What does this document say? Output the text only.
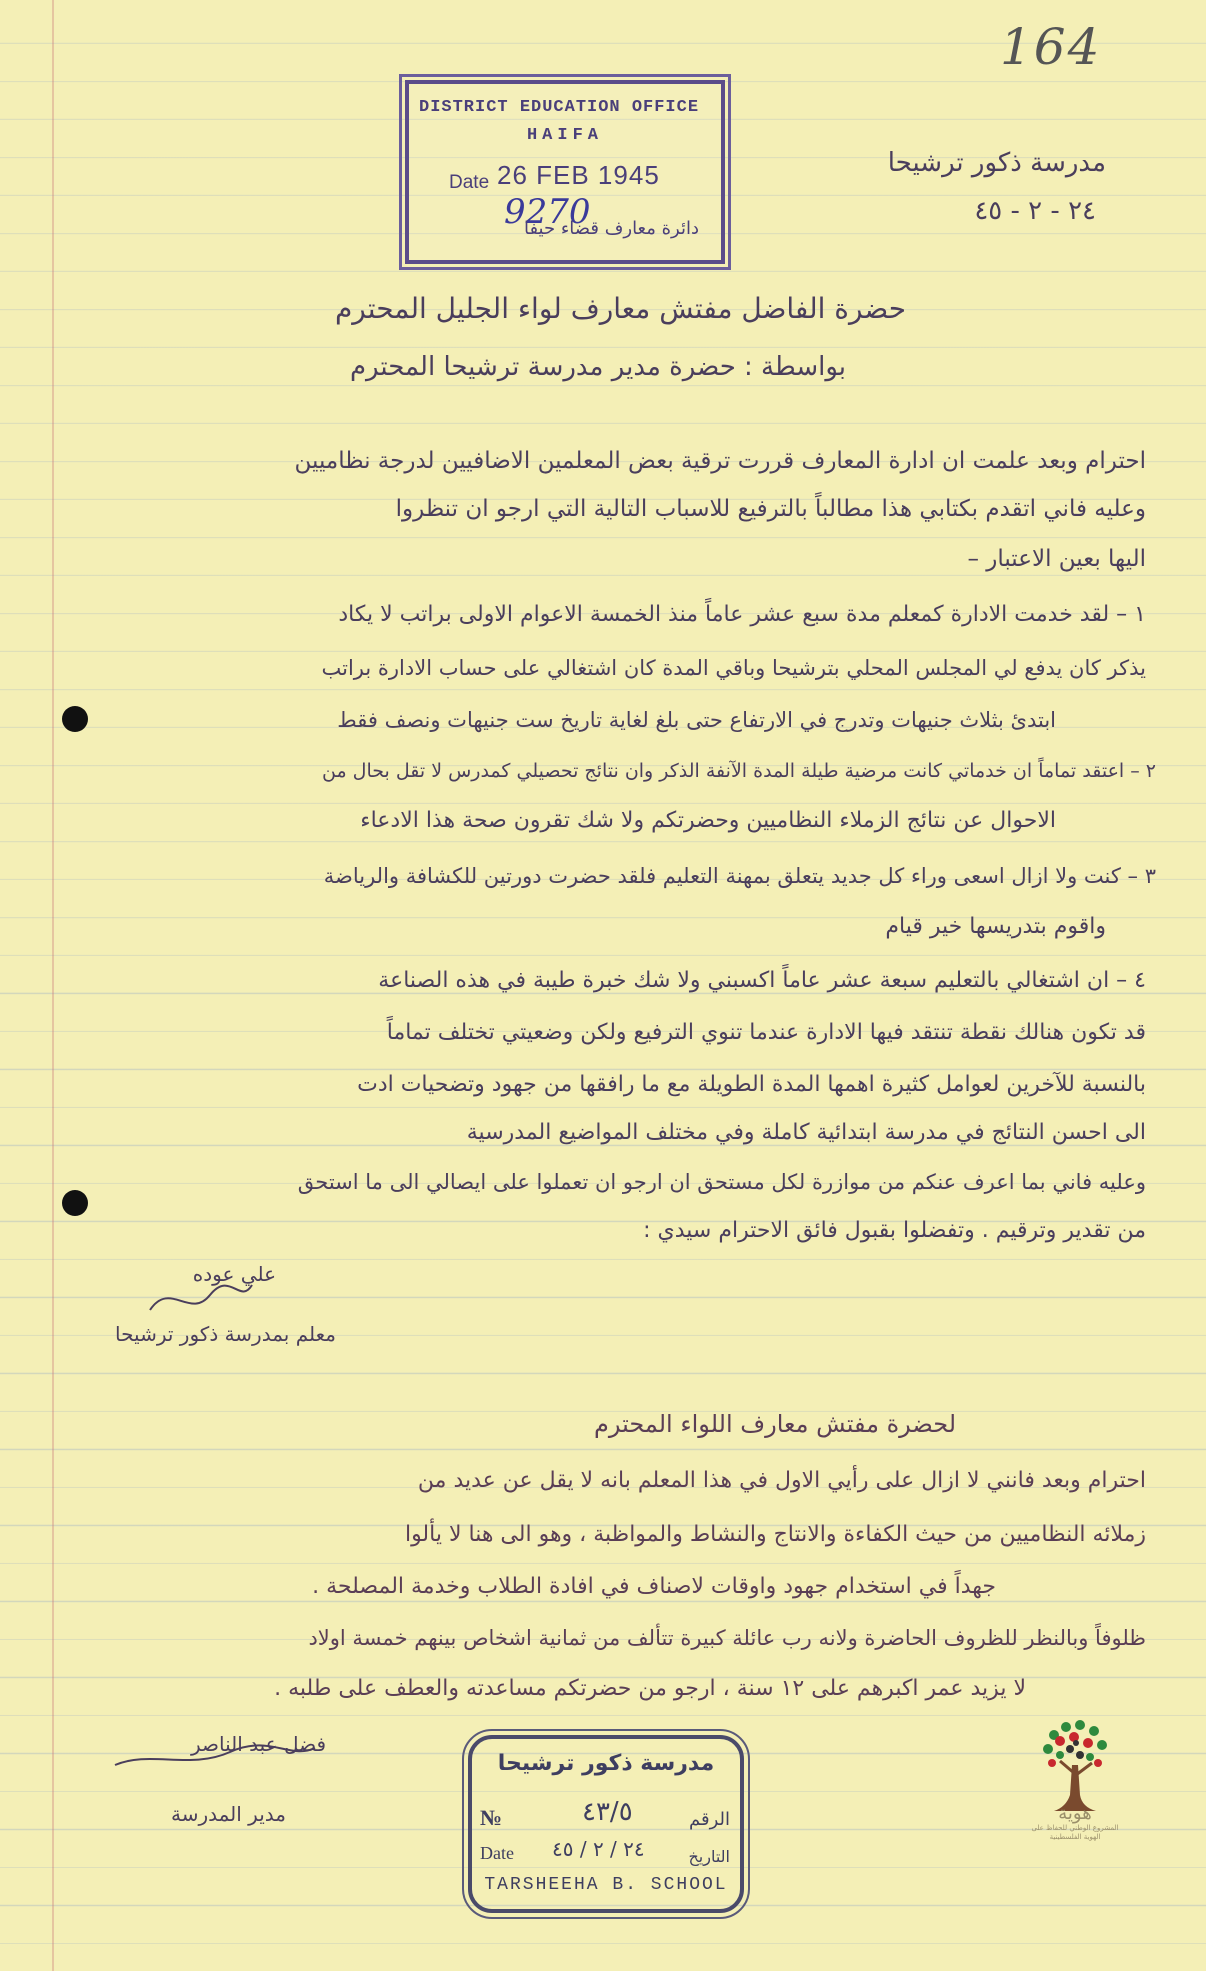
164
DISTRICT EDUCATION OFFICE
HAIFA
Date 26 FEB 1945
9270
دائرة معارف قضاء حيفا
مدرسة ذكور ترشيحا
٢٤ - ٢ - ٤٥
حضرة الفاضل مفتش معارف لواء الجليل المحترم
بواسطة : حضرة مدير مدرسة ترشيحا المحترم
احترام وبعد علمت ان ادارة المعارف قررت ترقية بعض المعلمين الاضافيين لدرجة نظاميين
وعليه فاني اتقدم بكتابي هذا مطالباً بالترفيع للاسباب التالية التي ارجو ان تنظروا
اليها بعين الاعتبار –
١ – لقد خدمت الادارة كمعلم مدة سبع عشر عاماً منذ الخمسة الاعوام الاولى براتب لا يكاد
يذكر كان يدفع لي المجلس المحلي بترشيحا وباقي المدة كان اشتغالي على حساب الادارة براتب
ابتدئ بثلاث جنيهات وتدرج في الارتفاع حتى بلغ لغاية تاريخ ست جنيهات ونصف فقط
٢ – اعتقد تماماً ان خدماتي كانت مرضية طيلة المدة الآنفة الذكر وان نتائج تحصيلي كمدرس لا تقل بحال من
الاحوال عن نتائج الزملاء النظاميين وحضرتكم ولا شك تقرون صحة هذا الادعاء
٣ – كنت ولا ازال اسعى وراء كل جديد يتعلق بمهنة التعليم فلقد حضرت دورتين للكشافة والرياضة
واقوم بتدريسها خير قيام
٤ – ان اشتغالي بالتعليم سبعة عشر عاماً اكسبني ولا شك خبرة طيبة في هذه الصناعة
قد تكون هنالك نقطة تنتقد فيها الادارة عندما تنوي الترفيع ولكن وضعيتي تختلف تماماً
بالنسبة للآخرين لعوامل كثيرة اهمها المدة الطويلة مع ما رافقها من جهود وتضحيات ادت
الى احسن النتائج في مدرسة ابتدائية كاملة وفي مختلف المواضيع المدرسية
وعليه فاني بما اعرف عنكم من موازرة لكل مستحق ان ارجو ان تعملوا على ايصالي الى ما استحق
من تقدير وترقيم . وتفضلوا بقبول فائق الاحترام سيدي :
علي عوده
معلم بمدرسة ذكور ترشيحا
لحضرة مفتش معارف اللواء المحترم
احترام وبعد فانني لا ازال على رأيي الاول في هذا المعلم بانه لا يقل عن عديد من
زملائه النظاميين من حيث الكفاءة والانتاج والنشاط والمواظبة ، وهو الى هنا لا يألوا
جهداً في استخدام جهود واوقات لاصناف في افادة الطلاب وخدمة المصلحة .
ظلوفاً وبالنظر للظروف الحاضرة ولانه رب عائلة كبيرة تتألف من ثمانية اشخاص بينهم خمسة اولاد
لا يزيد عمر اكبرهم على ١٢ سنة ، ارجو من حضرتكم مساعدته والعطف على طلبه .
فضل عبد الناصر
مدير المدرسة
مدرسة ذكور ترشيحا
№	٤٣/٥	الرقم
Date ٢٤ / ٢ / ٤٥	التاريخ
TARSHEEHA B. SCHOOL
هوية
المشروع الوطني للحفاظ على الهوية الفلسطينية
